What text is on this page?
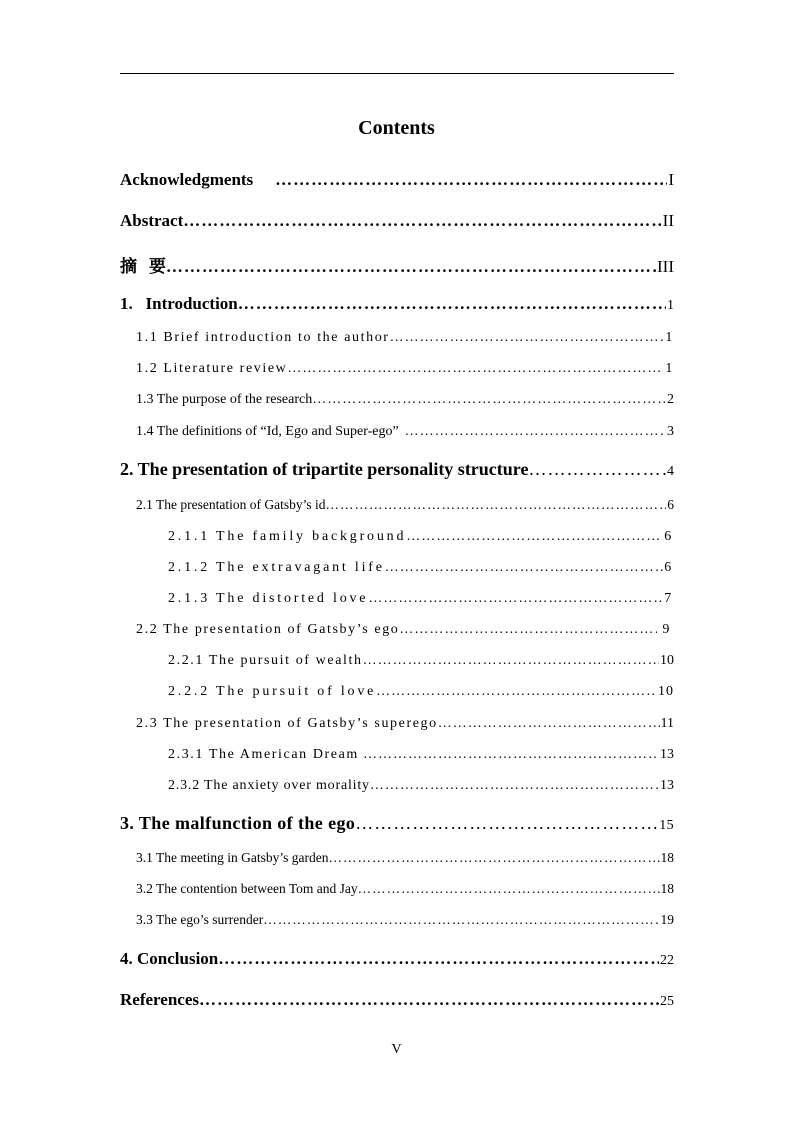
Contents
Acknowledgments …………………………………………………………………………………………………………………………………………………………………………………………………………………………………………	I
Abstract …………………………………………………………………………………………………………………………………………………………………………………………………………………………………………	II
摘  要 …………………………………………………………………………………………………………………………………………………………………………………………………………………………………………	III
1.   Introduction …………………………………………………………………………………………………………………………………………………………………………………………………………………………………………	1
1.1 Brief introduction to the author …………………………………………………………………………………………………………………………………………………………………………………………………………………………………………	1
1.2 Literature review …………………………………………………………………………………………………………………………………………………………………………………………………………………………………………	1
1.3 The purpose of the research …………………………………………………………………………………………………………………………………………………………………………………………………………………………………………	2
1.4 The definitions of “Id, Ego and Super-ego” …………………………………………………………………………………………………………………………………………………………………………………………………………………………………………	3
2. The presentation of tripartite personality structure …………………………………………………………………………………………………………………………………………………………………………………………………………………………………………	4
2.1 The presentation of Gatsby’s id …………………………………………………………………………………………………………………………………………………………………………………………………………………………………………	6
2.1.1 The family background …………………………………………………………………………………………………………………………………………………………………………………………………………………………………………	6
2.1.2 The extravagant life …………………………………………………………………………………………………………………………………………………………………………………………………………………………………………	6
2.1.3 The distorted love …………………………………………………………………………………………………………………………………………………………………………………………………………………………………………	7
2.2 The presentation of Gatsby’s ego …………………………………………………………………………………………………………………………………………………………………………………………………………………………………………	9
2.2.1 The pursuit of wealth …………………………………………………………………………………………………………………………………………………………………………………………………………………………………………	10
2.2.2 The pursuit of love …………………………………………………………………………………………………………………………………………………………………………………………………………………………………………	10
2.3 The presentation of Gatsby’s superego …………………………………………………………………………………………………………………………………………………………………………………………………………………………………………	11
2.3.1 The American Dream …………………………………………………………………………………………………………………………………………………………………………………………………………………………………………	13
2.3.2 The anxiety over morality …………………………………………………………………………………………………………………………………………………………………………………………………………………………………………	13
3. The malfunction of the ego …………………………………………………………………………………………………………………………………………………………………………………………………………………………………………	15
3.1 The meeting in Gatsby’s garden …………………………………………………………………………………………………………………………………………………………………………………………………………………………………………	18
3.2 The contention between Tom and Jay …………………………………………………………………………………………………………………………………………………………………………………………………………………………………………	18
3.3 The ego’s surrender …………………………………………………………………………………………………………………………………………………………………………………………………………………………………………	19
4. Conclusion …………………………………………………………………………………………………………………………………………………………………………………………………………………………………………	22
References …………………………………………………………………………………………………………………………………………………………………………………………………………………………………………	25
V
